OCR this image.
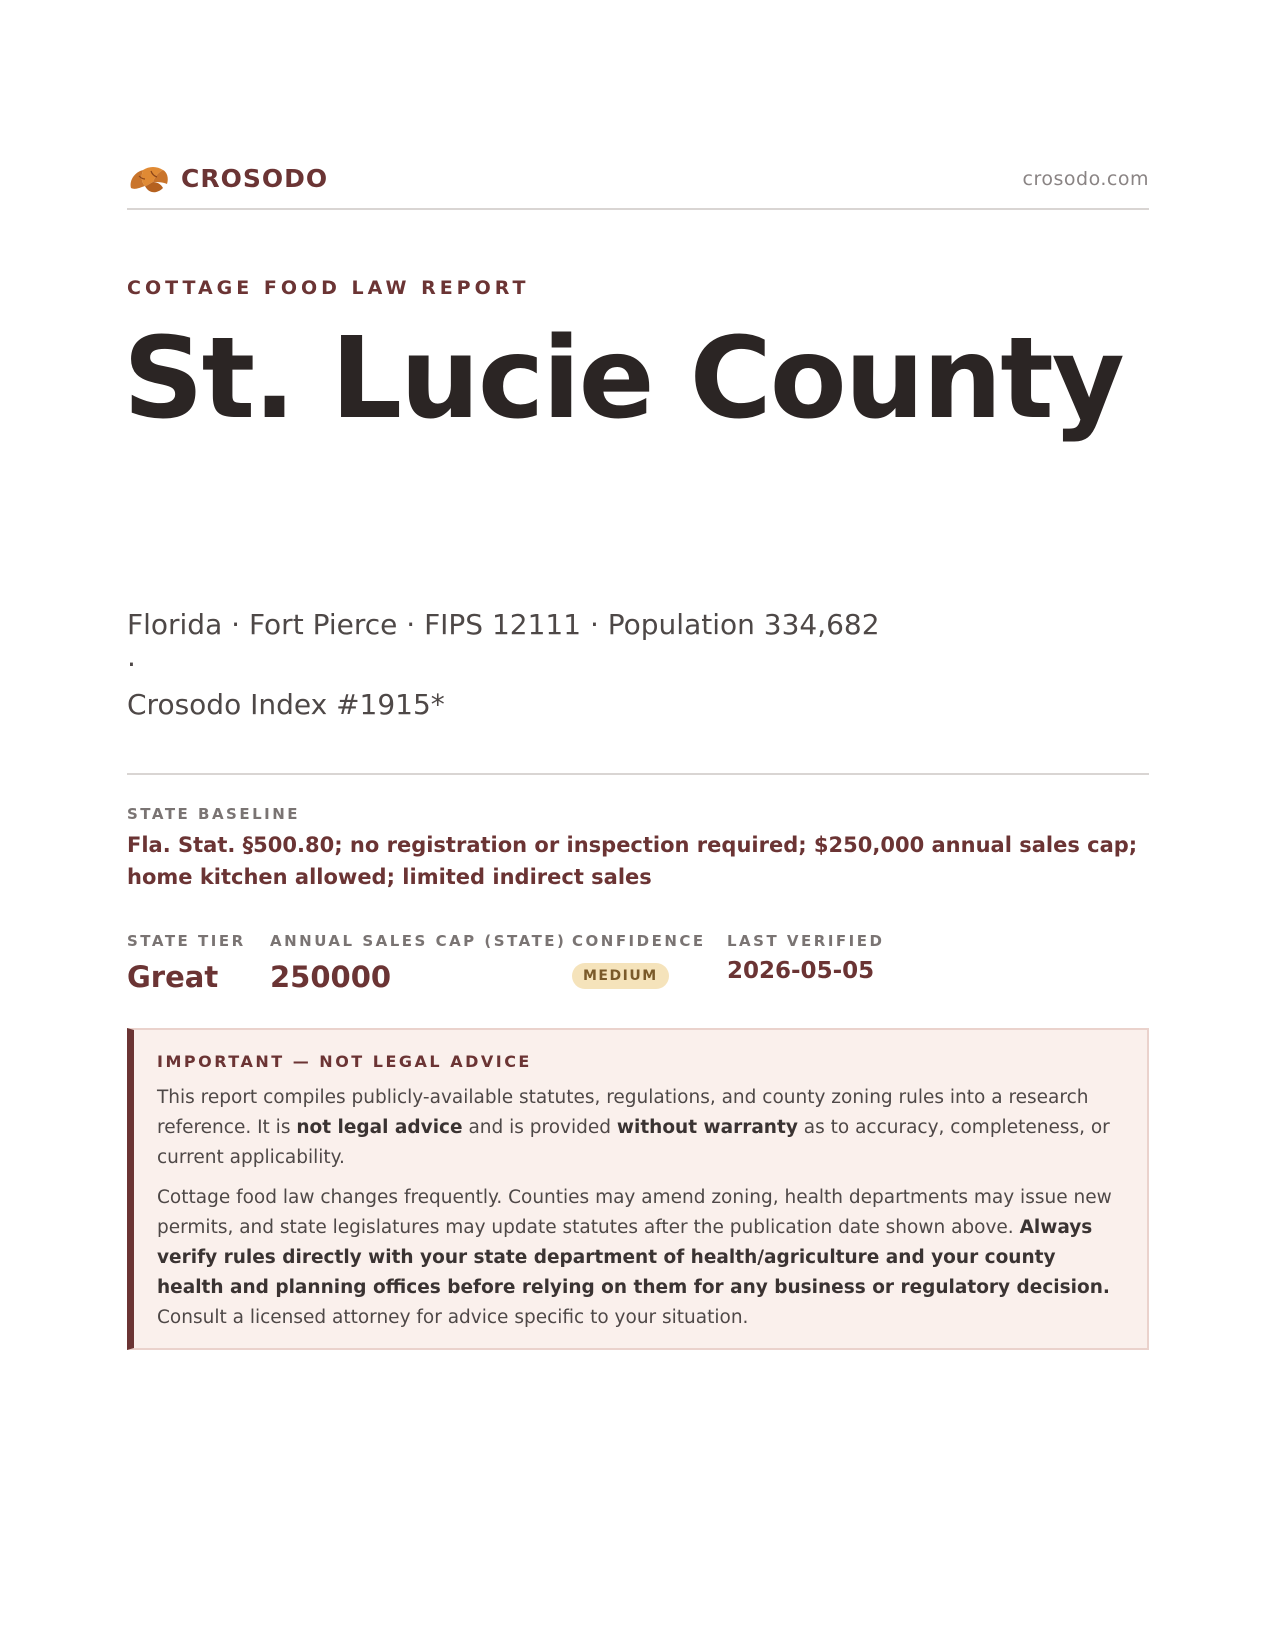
CROSODO	crosodo.com
COTTAGE FOOD LAW REPORT
St. Lucie County
Florida · Fort Pierce · FIPS 12111 · Population 334,682 ·
Crosodo Index #1915*
STATE BASELINE
Fla. Stat. §500.80; no registration or inspection required; $250,000 annual sales cap; home kitchen allowed; limited indirect sales
STATE TIER
Great
ANNUAL SALES CAP (STATE)
250000
CONFIDENCE
MEDIUM
LAST VERIFIED
2026-05-05
IMPORTANT — NOT LEGAL ADVICE

This report compiles publicly-available statutes, regulations, and county zoning rules into a research reference. It is not legal advice and is provided without warranty as to accuracy, completeness, or current applicability.

Cottage food law changes frequently. Counties may amend zoning, health departments may issue new permits, and state legislatures may update statutes after the publication date shown above. Always verify rules directly with your state department of health/agriculture and your county health and planning offices before relying on them for any business or regulatory decision. Consult a licensed attorney for advice specific to your situation.
